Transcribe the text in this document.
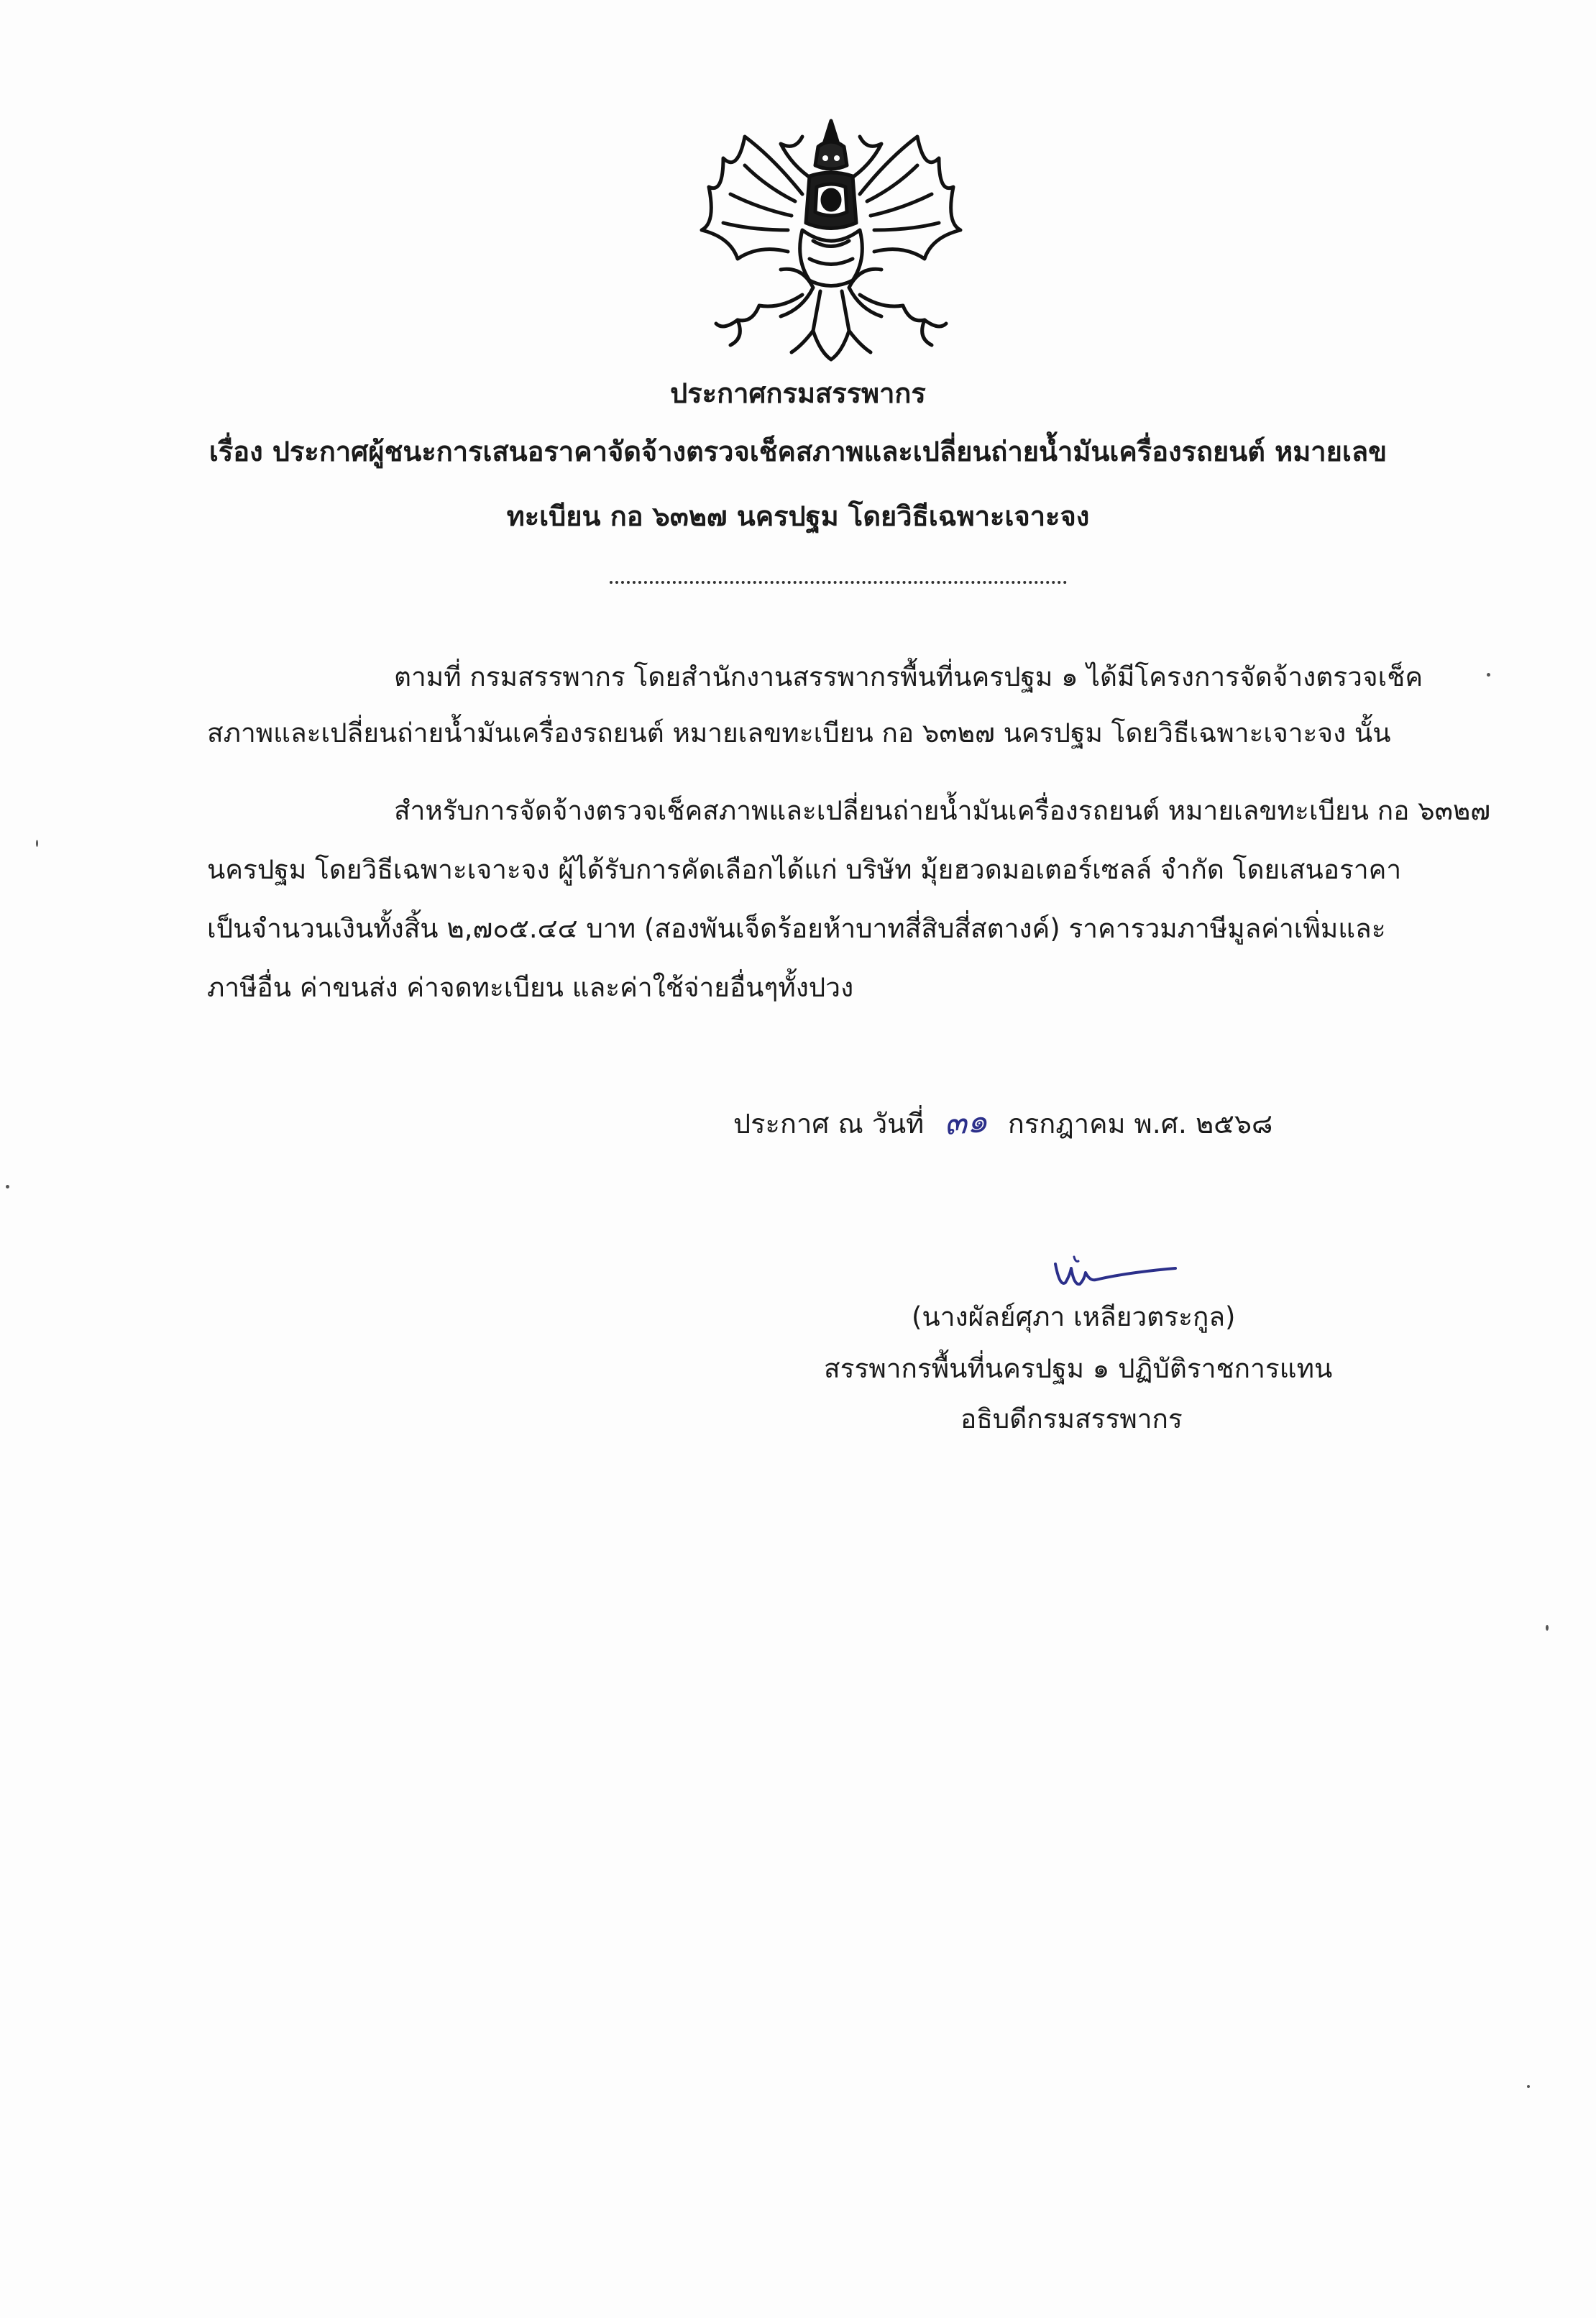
ประกาศกรมสรรพากร
เรื่อง ประกาศผู้ชนะการเสนอราคาจัดจ้างตรวจเช็คสภาพและเปลี่ยนถ่ายน้ำมันเครื่องรถยนต์ หมายเลข
ทะเบียน กอ ๖๓๒๗ นครปฐม โดยวิธีเฉพาะเจาะจง
ตามที่ กรมสรรพากร โดยสำนักงานสรรพากรพื้นที่นครปฐม ๑ ได้มีโครงการจัดจ้างตรวจเช็ค
สภาพและเปลี่ยนถ่ายน้ำมันเครื่องรถยนต์ หมายเลขทะเบียน กอ ๖๓๒๗ นครปฐม โดยวิธีเฉพาะเจาะจง นั้น
สำหรับการจัดจ้างตรวจเช็คสภาพและเปลี่ยนถ่ายน้ำมันเครื่องรถยนต์ หมายเลขทะเบียน กอ ๖๓๒๗
นครปฐม โดยวิธีเฉพาะเจาะจง ผู้ได้รับการคัดเลือกได้แก่ บริษัท มุ้ยฮวดมอเตอร์เซลล์ จำกัด โดยเสนอราคา
เป็นจำนวนเงินทั้งสิ้น ๒,๗๐๕.๔๔ บาท (สองพันเจ็ดร้อยห้าบาทสี่สิบสี่สตางค์) ราคารวมภาษีมูลค่าเพิ่มและ
ภาษีอื่น ค่าขนส่ง ค่าจดทะเบียน และค่าใช้จ่ายอื่นๆทั้งปวง
ประกาศ ณ วันที่ ๓๑ กรกฎาคม พ.ศ. ๒๕๖๘
(นางผัลย์ศุภา เหลียวตระกูล)
สรรพากรพื้นที่นครปฐม ๑ ปฏิบัติราชการแทน
อธิบดีกรมสรรพากร
